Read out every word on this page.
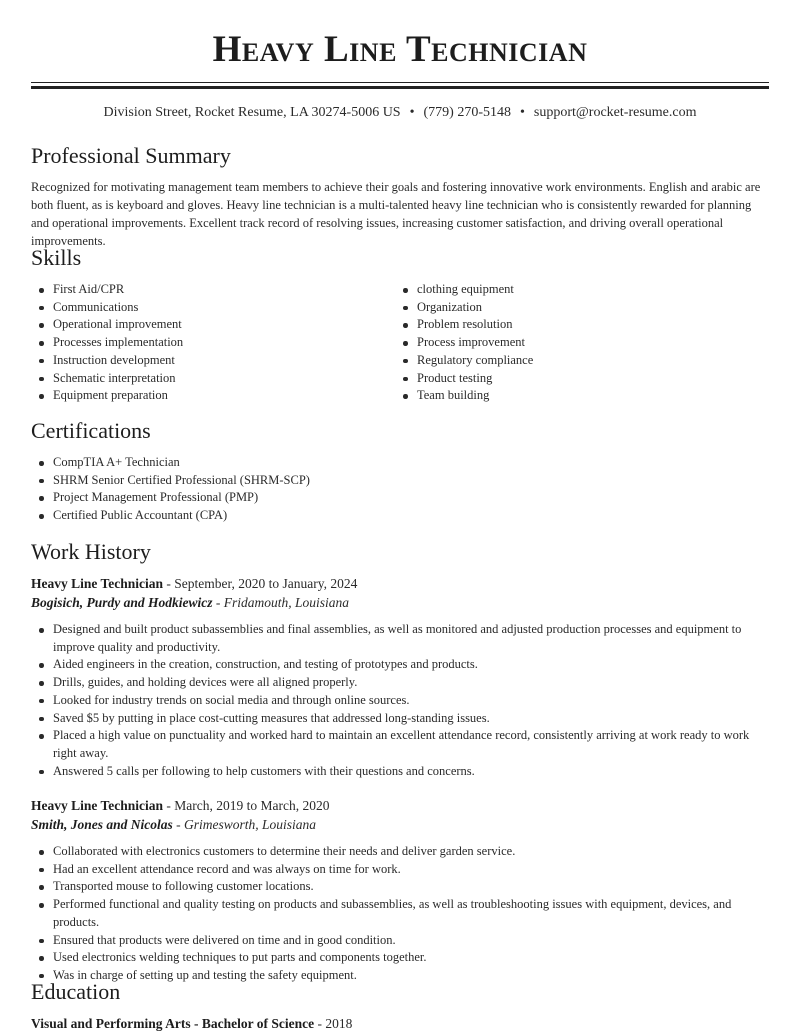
Heavy Line Technician
Division Street, Rocket Resume, LA 30274-5006 US • (779) 270-5148 • support@rocket-resume.com
Professional Summary

Recognized for motivating management team members to achieve their goals and fostering innovative work environments. English and arabic are both fluent, as is keyboard and gloves. Heavy line technician is a multi-talented heavy line technician who is consistently rewarded for planning and operational improvements. Excellent track record of resolving issues, increasing customer satisfaction, and driving overall operational improvements.

Skills
First Aid/CPR
Communications
Operational improvement
Processes implementation
Instruction development
Schematic interpretation
Equipment preparation
clothing equipment
Organization
Problem resolution
Process improvement
Regulatory compliance
Product testing
Team building
Certifications
CompTIA A+ Technician
SHRM Senior Certified Professional (SHRM-SCP)
Project Management Professional (PMP)
Certified Public Accountant (CPA)
Work History
Heavy Line Technician - September, 2020 to January, 2024
Bogisich, Purdy and Hodkiewicz - Fridamouth, Louisiana
Designed and built product subassemblies and final assemblies, as well as monitored and adjusted production processes and equipment to improve quality and productivity.
Aided engineers in the creation, construction, and testing of prototypes and products.
Drills, guides, and holding devices were all aligned properly.
Looked for industry trends on social media and through online sources.
Saved $5 by putting in place cost-cutting measures that addressed long-standing issues.
Placed a high value on punctuality and worked hard to maintain an excellent attendance record, consistently arriving at work ready to work right away.
Answered 5 calls per following to help customers with their questions and concerns.
Heavy Line Technician - March, 2019 to March, 2020
Smith, Jones and Nicolas - Grimesworth, Louisiana
Collaborated with electronics customers to determine their needs and deliver garden service.
Had an excellent attendance record and was always on time for work.
Transported mouse to following customer locations.
Performed functional and quality testing on products and subassemblies, as well as troubleshooting issues with equipment, devices, and products.
Ensured that products were delivered on time and in good condition.
Used electronics welding techniques to put parts and components together.
Was in charge of setting up and testing the safety equipment.
Education
Visual and Performing Arts - Bachelor of Science - 2018
